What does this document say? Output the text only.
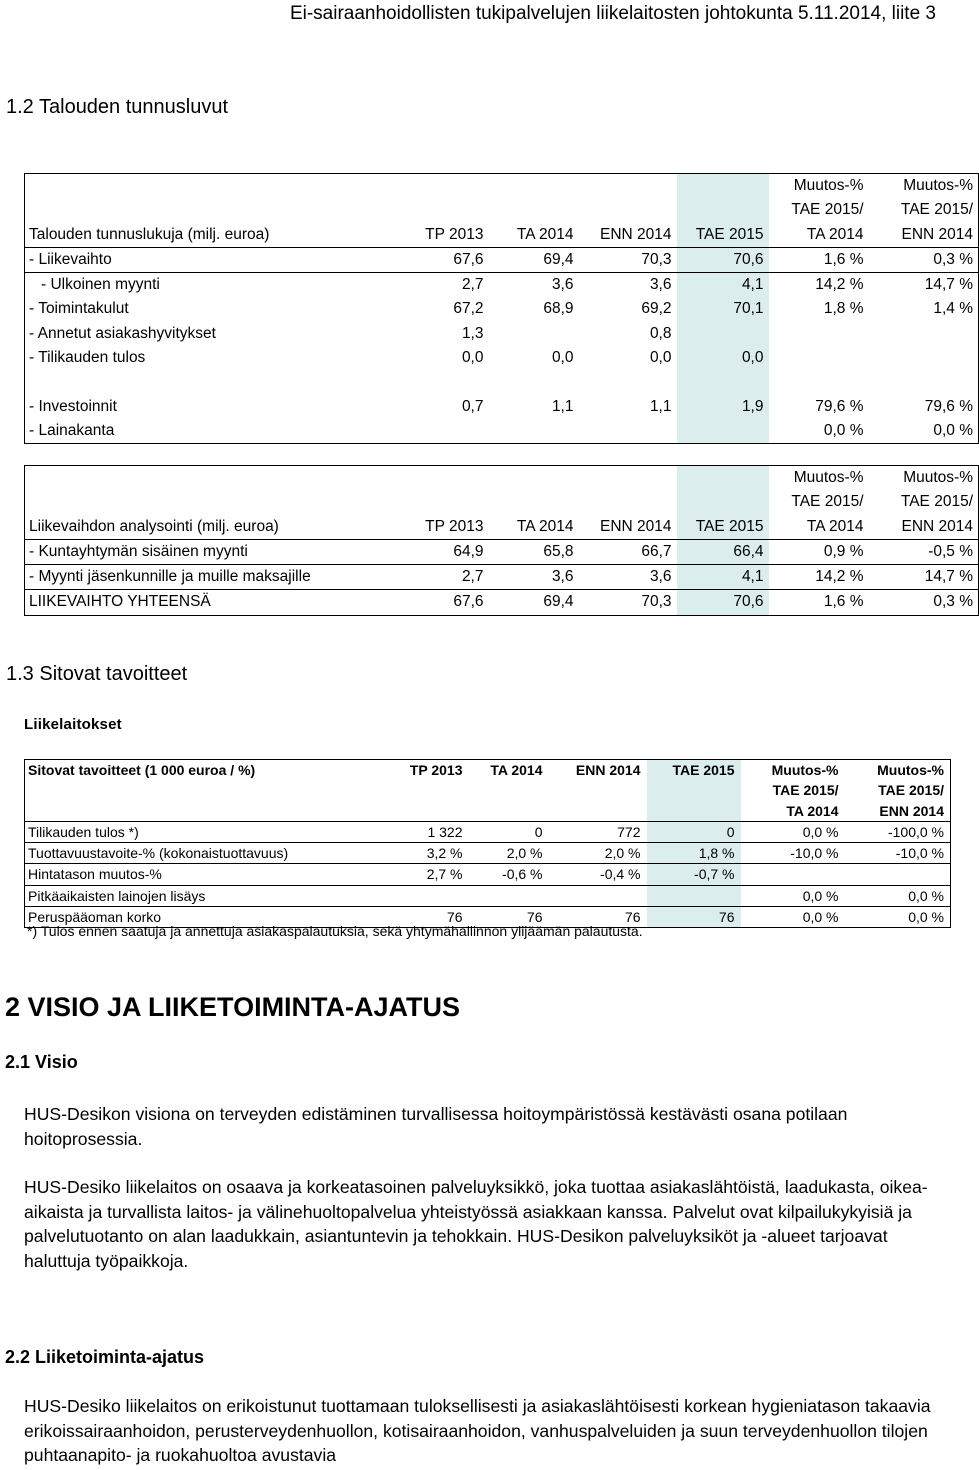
Ei-sairaanhoidollisten tukipalvelujen liikelaitosten johtokunta 5.11.2014, liite 3
1.2 Talouden tunnusluvut
					Muutos-%	Muutos-%
					TAE 2015/	TAE 2015/
Talouden tunnuslukuja (milj. euroa)	TP 2013	TA 2014	ENN 2014	TAE 2015	TA 2014	ENN 2014
- Liikevaihto	67,6	69,4	70,3	70,6	1,6 %	0,3 %
- Ulkoinen myynti	2,7	3,6	3,6	4,1	14,2 %	14,7 %
- Toimintakulut	67,2	68,9	69,2	70,1	1,8 %	1,4 %
- Annetut asiakashyvitykset	1,3		0,8			
- Tilikauden tulos	0,0	0,0	0,0	0,0		

- Investoinnit	0,7	1,1	1,1	1,9	79,6 %	79,6 %
- Lainakanta					0,0 %	0,0 %
					Muutos-%	Muutos-%
					TAE 2015/	TAE 2015/
Liikevaihdon analysointi (milj. euroa)	TP 2013	TA 2014	ENN 2014	TAE 2015	TA 2014	ENN 2014
- Kuntayhtymän sisäinen myynti	64,9	65,8	66,7	66,4	0,9 %	-0,5 %
- Myynti jäsenkunnille ja muille maksajille	2,7	3,6	3,6	4,1	14,2 %	14,7 %
LIIKEVAIHTO YHTEENSÄ	67,6	69,4	70,3	70,6	1,6 %	0,3 %
1.3 Sitovat tavoitteet
Liikelaitokset
Sitovat tavoitteet (1 000 euroa / %)	TP 2013	TA 2014	ENN 2014	TAE 2015	Muutos-%	Muutos-%
					TAE 2015/	TAE 2015/
					TA 2014	ENN 2014
Tilikauden tulos *)	1 322	0	772	0	0,0 %	-100,0 %
Tuottavuustavoite-% (kokonaistuottavuus)	3,2 %	2,0 %	2,0 %	1,8 %	-10,0 %	-10,0 %
Hintatason muutos-%	2,7 %	-0,6 %	-0,4 %	-0,7 %		
Pitkäaikaisten lainojen lisäys					0,0 %	0,0 %
Peruspääoman korko	76	76	76	76	0,0 %	0,0 %
*) Tulos ennen saatuja ja annettuja asiakaspalautuksia, sekä yhtymähallinnon ylijäämän palautusta.
2 VISIO JA LIIKETOIMINTA-AJATUS
2.1 Visio
HUS-Desikon visiona on terveyden edistäminen turvallisessa hoitoympäristössä kestävästi osana potilaan hoitoprosessia.
HUS-Desiko liikelaitos on osaava ja korkeatasoinen palveluyksikkö, joka tuottaa asiakaslähtöistä, laadukasta, oikea-aikaista ja turvallista laitos- ja välinehuoltopalvelua yhteistyössä asiakkaan kanssa. Palvelut ovat kilpailukykyisiä ja palvelutuotanto on alan laadukkain, asiantuntevin ja tehokkain. HUS-Desikon palveluyksiköt ja -alueet tarjoavat haluttuja työpaikkoja.
2.2 Liiketoiminta-ajatus
HUS-Desiko liikelaitos on erikoistunut tuottamaan tuloksellisesti ja asiakaslähtöisesti korkean hygieniatason takaavia erikoissairaanhoidon, perusterveydenhuollon, kotisairaanhoidon, vanhuspalveluiden ja suun terveydenhuollon tilojen puhtaanapito- ja ruokahuoltoa avustavia
